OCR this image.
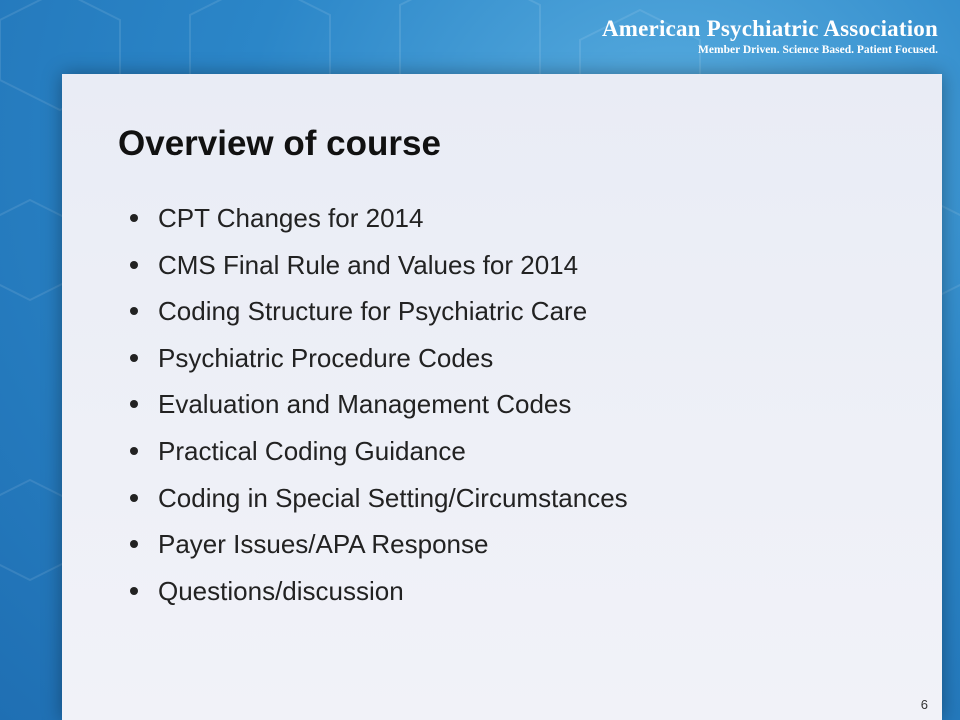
American Psychiatric Association
Member Driven. Science Based. Patient Focused.
Overview of course
CPT Changes for 2014
CMS Final Rule and Values for 2014
Coding Structure for Psychiatric Care
Psychiatric Procedure Codes
Evaluation and Management Codes
Practical Coding Guidance
Coding in Special Setting/Circumstances
Payer Issues/APA Response
Questions/discussion
6
